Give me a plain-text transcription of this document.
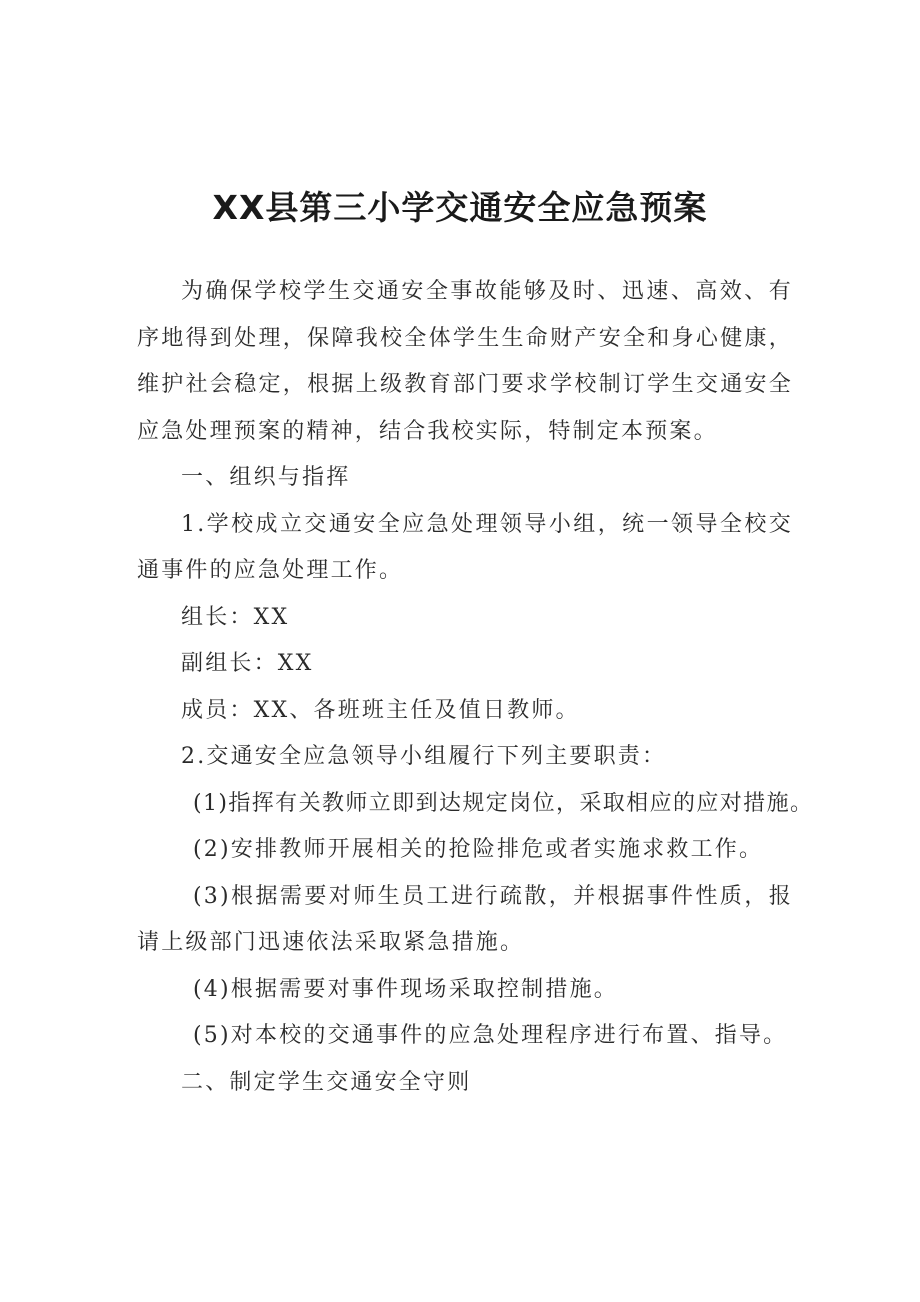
XX县第三小学交通安全应急预案

为确保学校学生交通安全事故能够及时、迅速、高效、有序地得到处理，保障我校全体学生生命财产安全和身心健康，维护社会稳定，根据上级教育部门要求学校制订学生交通安全应急处理预案的精神，结合我校实际，特制定本预案。

一、组织与指挥

1.学校成立交通安全应急处理领导小组，统一领导全校交通事件的应急处理工作。

组长：XX

副组长：XX

成员：XX、各班班主任及值日教师。

2.交通安全应急领导小组履行下列主要职责：

(1)指挥有关教师立即到达规定岗位，采取相应的应对措施。

(2)安排教师开展相关的抢险排危或者实施求救工作。

(3)根据需要对师生员工进行疏散，并根据事件性质，报请上级部门迅速依法采取紧急措施。

(4)根据需要对事件现场采取控制措施。

(5)对本校的交通事件的应急处理程序进行布置、指导。

二、制定学生交通安全守则
